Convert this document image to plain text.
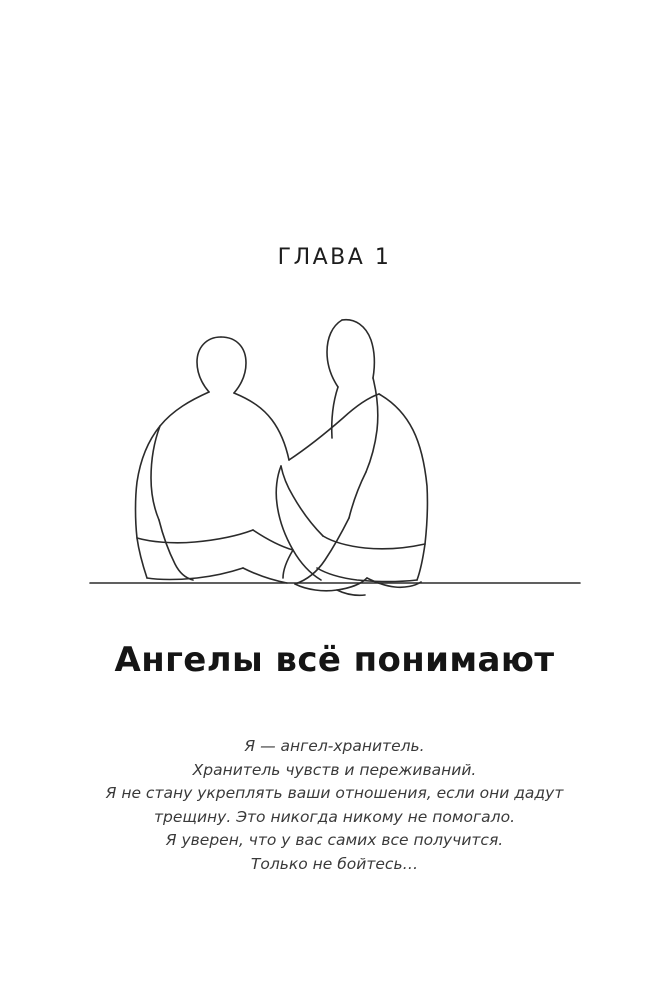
ГЛАВА 1
Ангелы всё понимают
Я — ангел-хранитель.
Хранитель чувств и переживаний.
Я не стану укреплять ваши отношения, если они дадут
трещину. Это никогда никому не помогало.
Я уверен, что у вас самих все получится.
Только не бойтесь…
